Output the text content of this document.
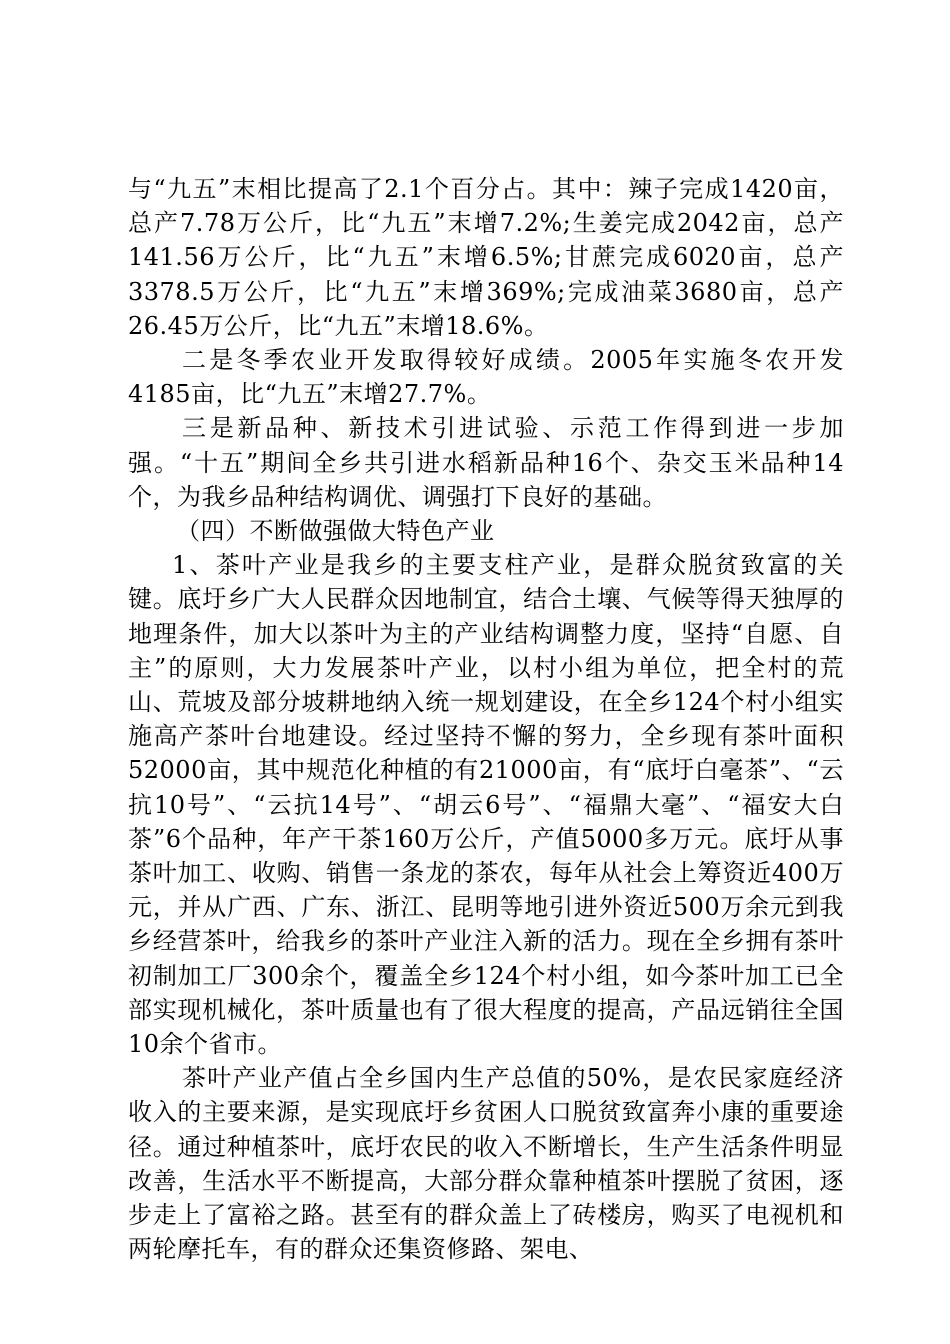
与“九五”末相比提高了2.1个百分占。其中：辣子完成1420亩，总产7.78万公斤，比“九五”末增7.2%;生姜完成2042亩，总产141.56万公斤，比“九五”末增6.5%;甘蔗完成6020亩，总产3378.5万公斤，比“九五”末增369%;完成油菜3680亩，总产26.45万公斤，比“九五”末增18.6%。

二是冬季农业开发取得较好成绩。2005年实施冬农开发4185亩，比“九五”末增27.7%。

三是新品种、新技术引进试验、示范工作得到进一步加强。“十五”期间全乡共引进水稻新品种16个、杂交玉米品种14个，为我乡品种结构调优、调强打下良好的基础。

（四）不断做强做大特色产业

1、茶叶产业是我乡的主要支柱产业，是群众脱贫致富的关键。底圩乡广大人民群众因地制宜，结合土壤、气候等得天独厚的地理条件，加大以茶叶为主的产业结构调整力度，坚持“自愿、自主”的原则，大力发展茶叶产业，以村小组为单位，把全村的荒山、荒坡及部分坡耕地纳入统一规划建设，在全乡124个村小组实施高产茶叶台地建设。经过坚持不懈的努力，全乡现有茶叶面积52000亩，其中规范化种植的有21000亩，有“底圩白毫茶”、“云抗10号”、“云抗14号”、“胡云6号”、“福鼎大毫”、“福安大白茶”6个品种，年产干茶160万公斤，产值5000多万元。底圩从事茶叶加工、收购、销售一条龙的茶农，每年从社会上筹资近400万元，并从广西、广东、浙江、昆明等地引进外资近500万余元到我乡经营茶叶，给我乡的茶叶产业注入新的活力。现在全乡拥有茶叶初制加工厂300余个，覆盖全乡124个村小组，如今茶叶加工已全部实现机械化，茶叶质量也有了很大程度的提高，产品远销往全国10余个省市。

茶叶产业产值占全乡国内生产总值的50%，是农民家庭经济收入的主要来源，是实现底圩乡贫困人口脱贫致富奔小康的重要途径。通过种植茶叶，底圩农民的收入不断增长，生产生活条件明显改善，生活水平不断提高，大部分群众靠种植茶叶摆脱了贫困，逐步走上了富裕之路。甚至有的群众盖上了砖楼房，购买了电视机和两轮摩托车，有的群众还集资修路、架电、
